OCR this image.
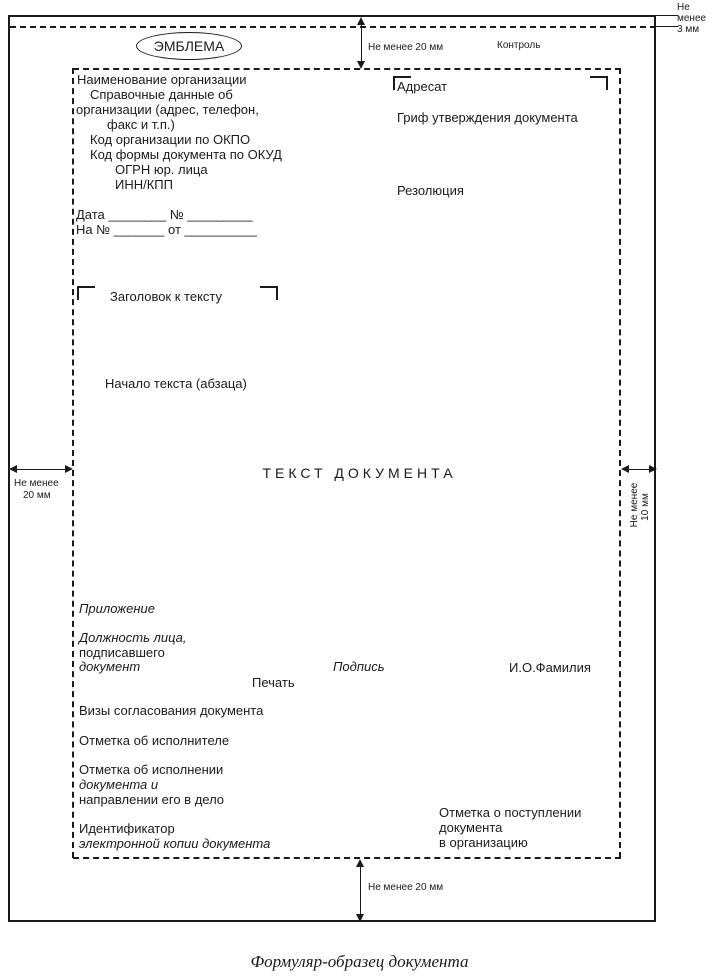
ЭМБЛЕМА	Не менее 20 мм	Контроль
Не
менее
3 мм
Наименование организации
Справочные данные об
организации (адрес, телефон,
факс и т.п.)
Код организации по ОКПО
Код формы документа по ОКУД
ОГРН юр. лица
ИНН/КПП
Дата ________ № _________
На № _______ от __________
Адресат
Гриф утверждения документа
Резолюция
Заголовок к тексту
Начало текста (абзаца)
ТЕКСТ ДОКУМЕНТА
Не менее
20 мм	Не менее 10 мм
Приложение
Должность лица,
подписавшего
документ	Подпись	И.О.Фамилия
Печать
Визы согласования документа
Отметка об исполнителе
Отметка об исполнении
документа и
направлении его в дело
Идентификатор
электронной копии документа
Отметка о поступлении
документа
в организацию
Не менее 20 мм
Формуляр-образец документа
